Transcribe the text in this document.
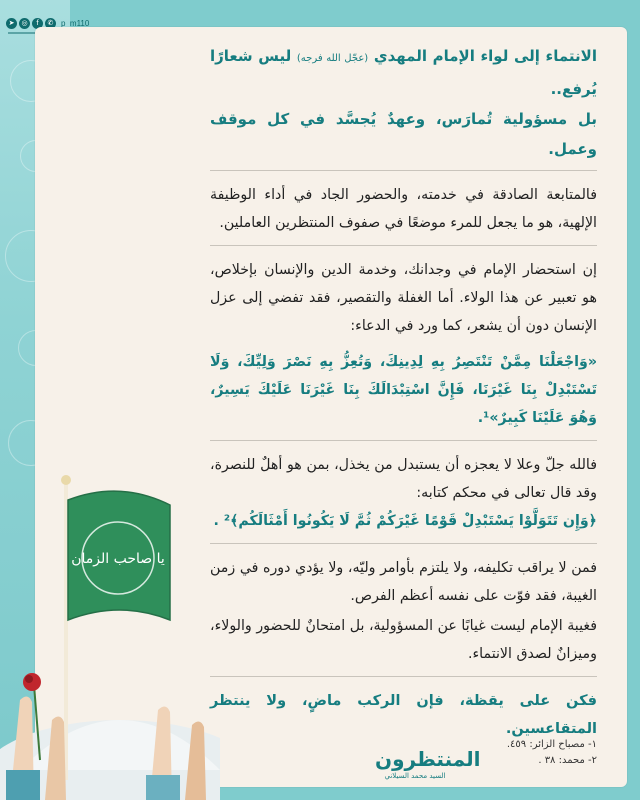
➤	◎	f	✆ p_m110

الانتماء إلى لواء الإمام المهدي (عجّل الله فرجه) ليس شعارًا يُرفع..
بل مسؤولية تُمارَس، وعهدٌ يُجسَّد في كل موقف وعمل.

فالمتابعة الصادقة في خدمته، والحضور الجاد في أداء الوظيفة الإلهية، هو ما يجعل للمرء موضعًا في صفوف المنتظرين العاملين.

إن استحضار الإمام في وجدانك، وخدمة الدين والإنسان بإخلاص، هو تعبير عن هذا الولاء. أما الغفلة والتقصير، فقد تفضي إلى عزل الإنسان دون أن يشعر، كما ورد في الدعاء:

«وَاجْعَلْنَا مِمَّنْ تَنْتَصِرُ بِهِ لِدِينِكَ، وَتُعِزُّ بِهِ نَصْرَ وَلِيِّكَ، وَلَا تَسْتَبْدِلْ بِنَا غَيْرَنَا، فَإِنَّ اسْتِبْدَالَكَ بِنَا غَيْرَنَا عَلَيْكَ يَسِيرٌ، وَهُوَ عَلَيْنَا كَبِيرٌ»¹.

فالله جلّ وعلا لا يعجزه أن يستبدل من يخذل، بمن هو أهلٌ للنصرة، وقد قال تعالى في محكم كتابه:

﴿وَإِن تَتَوَلَّوْا يَسْتَبْدِلْ قَوْمًا غَيْرَكُمْ ثُمَّ لَا يَكُونُوا أَمْثَالَكُم﴾² .

فمن لا يراقب تكليفه، ولا يلتزم بأوامر وليّه، ولا يؤدي دوره في زمن الغيبة، فقد فوّت على نفسه أعظم الفرص.

فغيبة الإمام ليست غيابًا عن المسؤولية، بل امتحانٌ للحضور والولاء، وميزانٌ لصدق الانتماء.

فكن على يقظة، فإن الركب ماضٍ، ولا ينتظر المتقاعسين.

١- مصباح الزائر: ٤٥٩.
٢- محمد: ٣٨ .
المنتظرون
السيد محمد السيلاني
يا صاحب الزمان
